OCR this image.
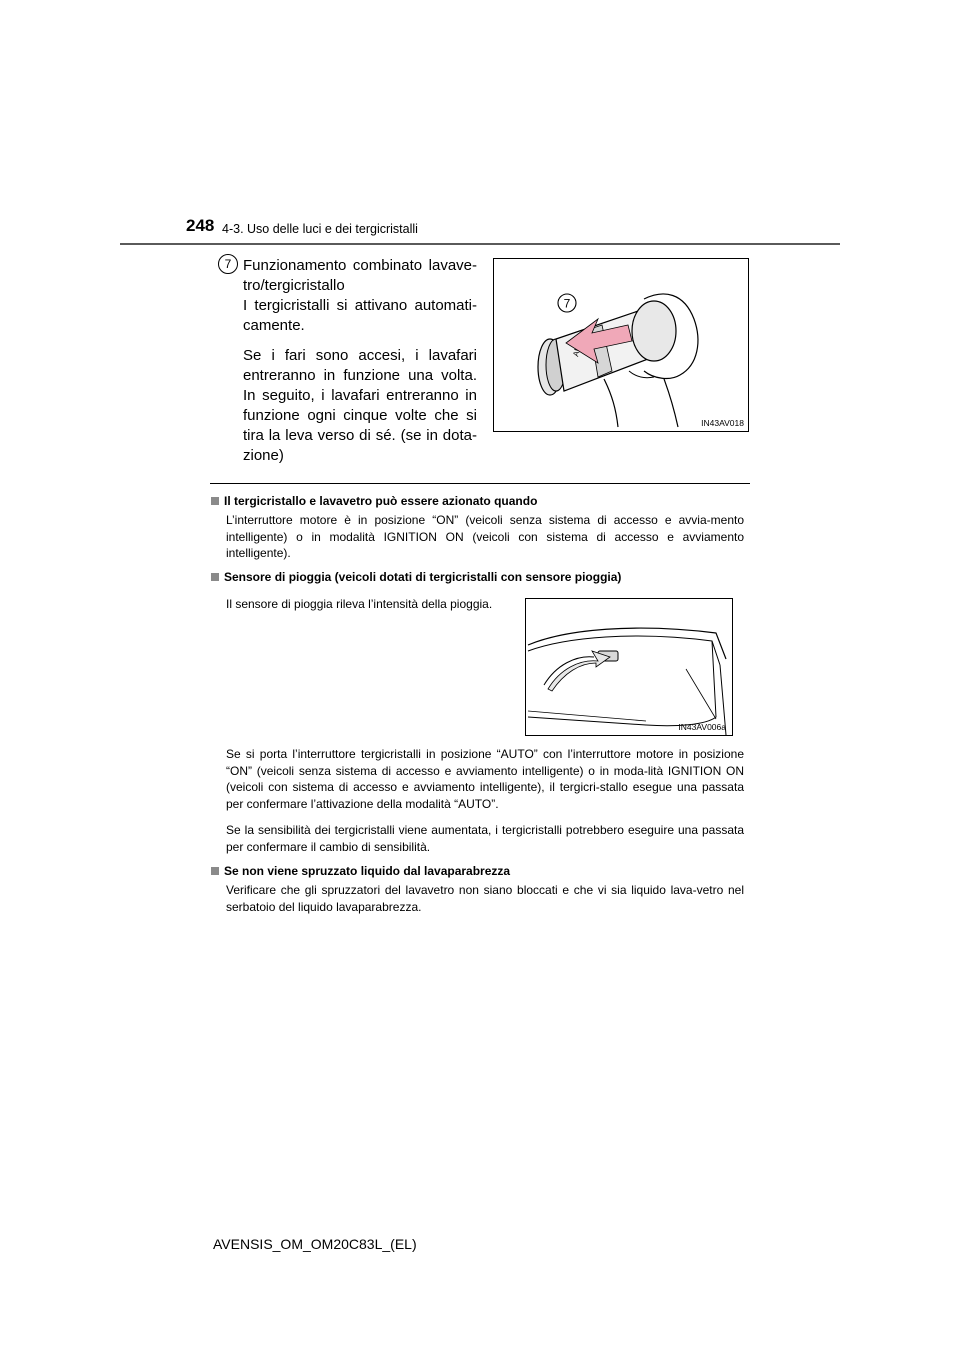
248 4-3. Uso delle luci e dei tergicristalli
7 Funzionamento combinato lavave-tro/tergicristallo
I tergicristalli si attivano automati-camente.
Se i fari sono accesi, i lavafari entreranno in funzione una volta. In seguito, i lavafari entreranno in funzione ogni cinque volte che si tira la leva verso di sé. (se in dota-zione)
7
IN43AV018
Il tergicristallo e lavavetro può essere azionato quando
L’interruttore motore è in posizione “ON” (veicoli senza sistema di accesso e avvia-mento intelligente) o in modalità IGNITION ON (veicoli con sistema di accesso e avviamento intelligente).
Sensore di pioggia (veicoli dotati di tergicristalli con sensore pioggia)
Il sensore di pioggia rileva l’intensità della pioggia.
IN43AV006a
Se si porta l’interruttore tergicristalli in posizione “AUTO” con l’interruttore motore in posizione “ON” (veicoli senza sistema di accesso e avviamento intelligente) o in moda-lità IGNITION ON (veicoli con sistema di accesso e avviamento intelligente), il tergicri-stallo esegue una passata per confermare l’attivazione della modalità “AUTO”.
Se la sensibilità dei tergicristalli viene aumentata, i tergicristalli potrebbero eseguire una passata per confermare il cambio di sensibilità.
Se non viene spruzzato liquido dal lavaparabrezza
Verificare che gli spruzzatori del lavavetro non siano bloccati e che vi sia liquido lava-vetro nel serbatoio del liquido lavaparabrezza.
AVENSIS_OM_OM20C83L_(EL)
